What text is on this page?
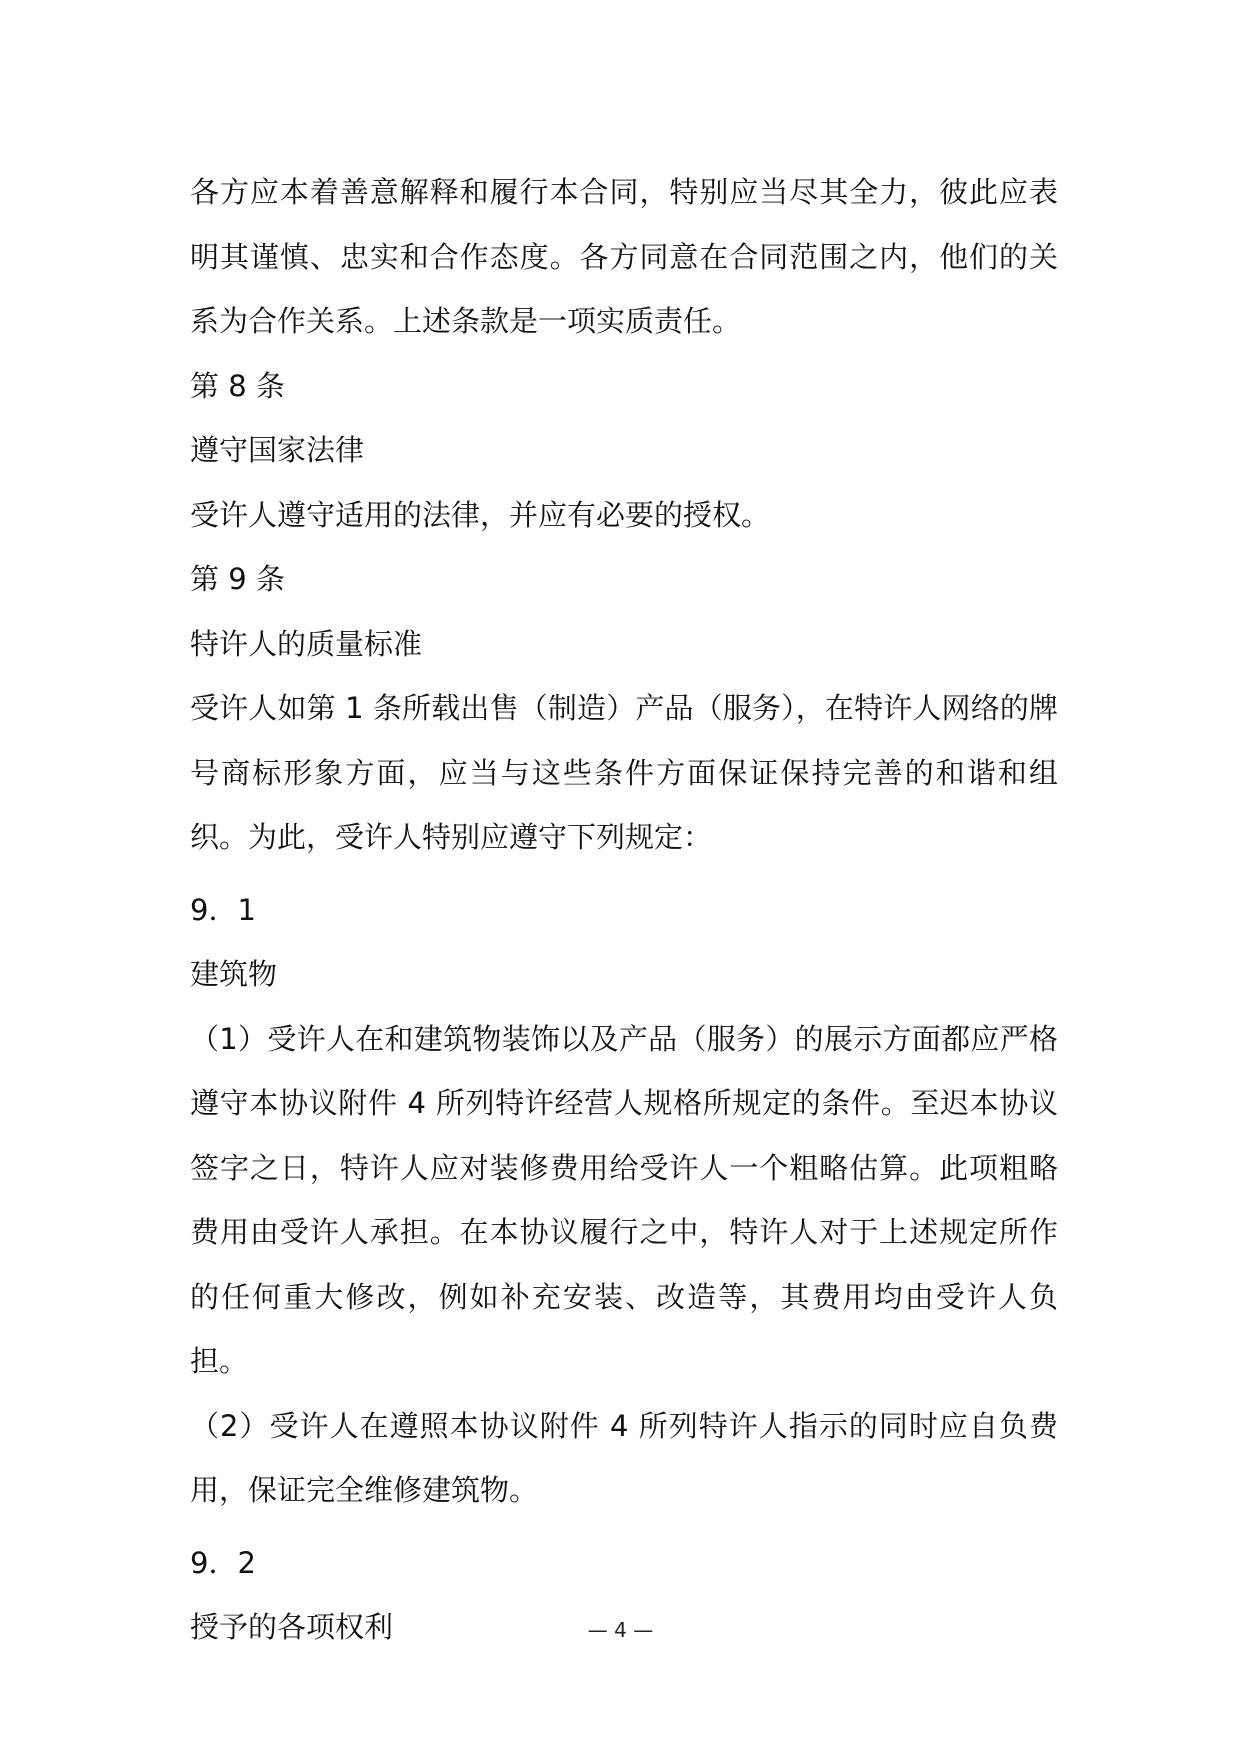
各方应本着善意解释和履行本合同，特别应当尽其全力，彼此应表明其谨慎、忠实和合作态度。各方同意在合同范围之内，他们的关系为合作关系。上述条款是一项实质责任。

第 8 条

遵守国家法律

受许人遵守适用的法律，并应有必要的授权。

第 9 条

特许人的质量标准

受许人如第 1 条所载出售（制造）产品（服务），在特许人网络的牌号商标形象方面，应当与这些条件方面保证保持完善的和谐和组织。为此，受许人特别应遵守下列规定：

9．1

建筑物

（1）受许人在和建筑物装饰以及产品（服务）的展示方面都应严格遵守本协议附件 4 所列特许经营人规格所规定的条件。至迟本协议签字之日，特许人应对装修费用给受许人一个粗略估算。此项粗略费用由受许人承担。在本协议履行之中，特许人对于上述规定所作的任何重大修改，例如补充安装、改造等，其费用均由受许人负担。

（2）受许人在遵照本协议附件 4 所列特许人指示的同时应自负费用，保证完全维修建筑物。

9．2

授予的各项权利	— 4 —
